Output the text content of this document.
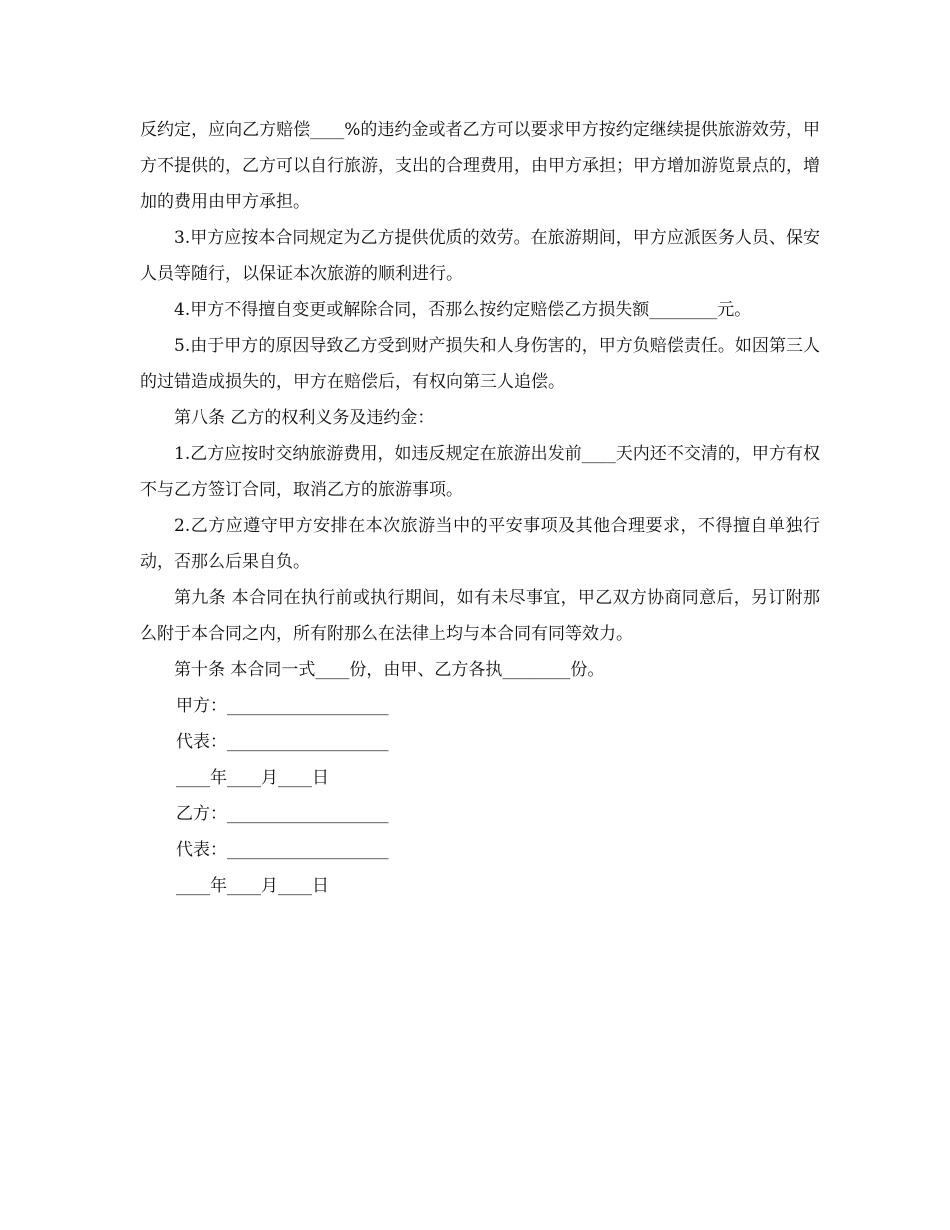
反约定，应向乙方赔偿____%的违约金或者乙方可以要求甲方按约定继续提供旅游效劳，甲方不提供的，乙方可以自行旅游，支出的合理费用，由甲方承担；甲方增加游览景点的，增加的费用由甲方承担。

3.甲方应按本合同规定为乙方提供优质的效劳。在旅游期间，甲方应派医务人员、保安人员等随行，以保证本次旅游的顺利进行。

4.甲方不得擅自变更或解除合同，否那么按约定赔偿乙方损失额________元。

5.由于甲方的原因导致乙方受到财产损失和人身伤害的，甲方负赔偿责任。如因第三人的过错造成损失的，甲方在赔偿后，有权向第三人追偿。

第八条 乙方的权利义务及违约金：

1.乙方应按时交纳旅游费用，如违反规定在旅游出发前____天内还不交清的，甲方有权不与乙方签订合同，取消乙方的旅游事项。

2.乙方应遵守甲方安排在本次旅游当中的平安事项及其他合理要求，不得擅自单独行动，否那么后果自负。

第九条 本合同在执行前或执行期间，如有未尽事宜，甲乙双方协商同意后，另订附那么附于本合同之内，所有附那么在法律上均与本合同有同等效力。

第十条 本合同一式____份，由甲、乙方各执________份。

甲方：___________________

代表：___________________

____年____月____日

乙方：___________________

代表：___________________

____年____月____日
